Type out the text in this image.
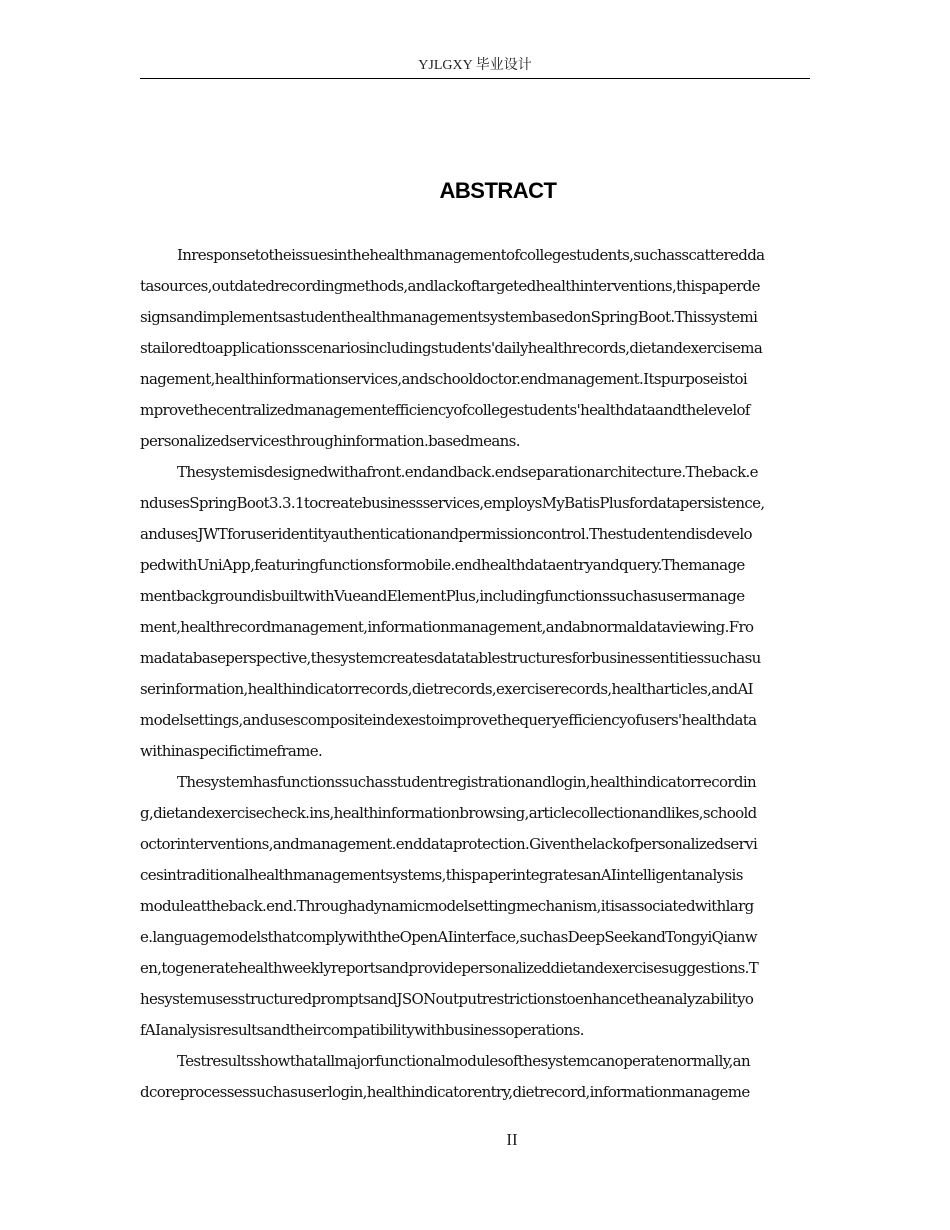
YJLGXY 毕业设计
ABSTRACT
Inresponsetotheissuesinthehealthmanagementofcollegestudents,suchasscatteredda
tasources,outdatedrecordingmethods,andlackoftargetedhealthinterventions,thispaperde
signsandimplementsastudenthealthmanagementsystembasedonSpringBoot.Thissystemi
stailoredtoapplicationsscenariosincludingstudents'dailyhealthrecords,dietandexercisema
nagement,healthinformationservices,andschooldoctor.endmanagement.Itspurposeistoi
mprovethecentralizedmanagementefficiencyofcollegestudents'healthdataandthelevelof
personalizedservicesthroughinformation.basedmeans.
Thesystemisdesignedwithafront.endandback.endseparationarchitecture.Theback.e
ndusesSpringBoot3.3.1tocreatebusinessservices,employsMyBatisPlusfordatapersistence,
andusesJWTforuseridentityauthenticationandpermissioncontrol.Thestudentendisdevelo
pedwithUniApp,featuringfunctionsformobile.endhealthdataentryandquery.Themanage
mentbackgroundisbuiltwithVueandElementPlus,includingfunctionssuchasusermanage
ment,healthrecordmanagement,informationmanagement,andabnormaldataviewing.Fro
madatabaseperspective,thesystemcreatesdatatablestructuresforbusinessentitiessuchasu
serinformation,healthindicatorrecords,dietrecords,exerciserecords,healtharticles,andAI
modelsettings,andusescompositeindexestoimprovethequeryefficiencyofusers'healthdata
withinaspecifictimeframe.
Thesystemhasfunctionssuchasstudentregistrationandlogin,healthindicatorrecordin
g,dietandexercisecheck.ins,healthinformationbrowsing,articlecollectionandlikes,schoold
octorinterventions,andmanagement.enddataprotection.Giventhelackofpersonalizedservi
cesintraditionalhealthmanagementsystems,thispaperintegratesanAIintelligentanalysis
moduleattheback.end.Throughadynamicmodelsettingmechanism,itisassociatedwithlarg
e.languagemodelsthatcomplywiththeOpenAIinterface,suchasDeepSeekandTongyiQianw
en,togeneratehealthweeklyreportsandprovidepersonalizeddietandexercisesuggestions.T
hesystemusesstructuredpromptsandJSONoutputrestrictionstoenhancetheanalyzabilityo
fAIanalysisresultsandtheircompatibilitywithbusinessoperations.
Testresultsshowthatallmajorfunctionalmodulesofthesystemcanoperatenormally,an
dcoreprocessessuchasuserlogin,healthindicatorentry,dietrecord,informationmanageme
II
